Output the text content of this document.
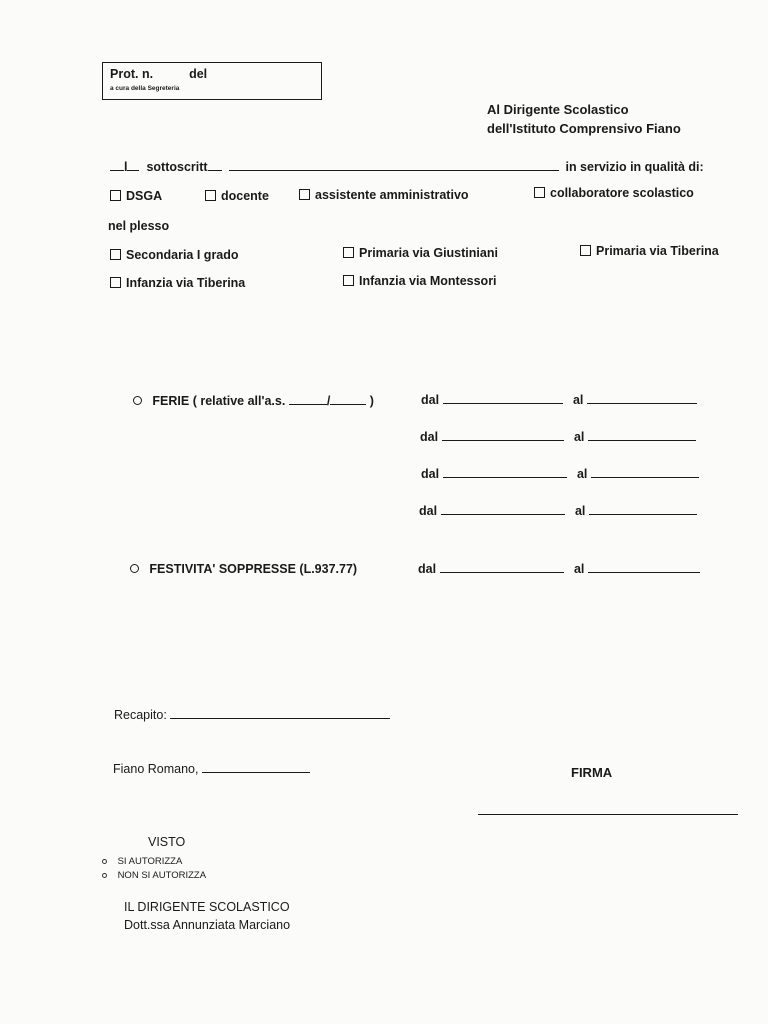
Prot. n.	del
a cura della Segreteria
Al Dirigente Scolastico
dell'Istituto Comprensivo Fiano
l sottoscritt	in servizio in qualità di:
DSGA	docente	assistente amministrativo	collaboratore scolastico
nel plesso
Secondaria I grado	Primaria via Giustiniani	Primaria via Tiberina
Infanzia via Tiberina	Infanzia via Montessori
FERIE ( relative all'a.s.	/	)	dal	al
dal	al
dal	al
dal	al
FESTIVITA' SOPPRESSE (L.937.77)	dal	al
Recapito:
Fiano Romano,	FIRMA
VISTO
SI AUTORIZZA
NON SI AUTORIZZA
IL DIRIGENTE SCOLASTICO
Dott.ssa Annunziata Marciano
